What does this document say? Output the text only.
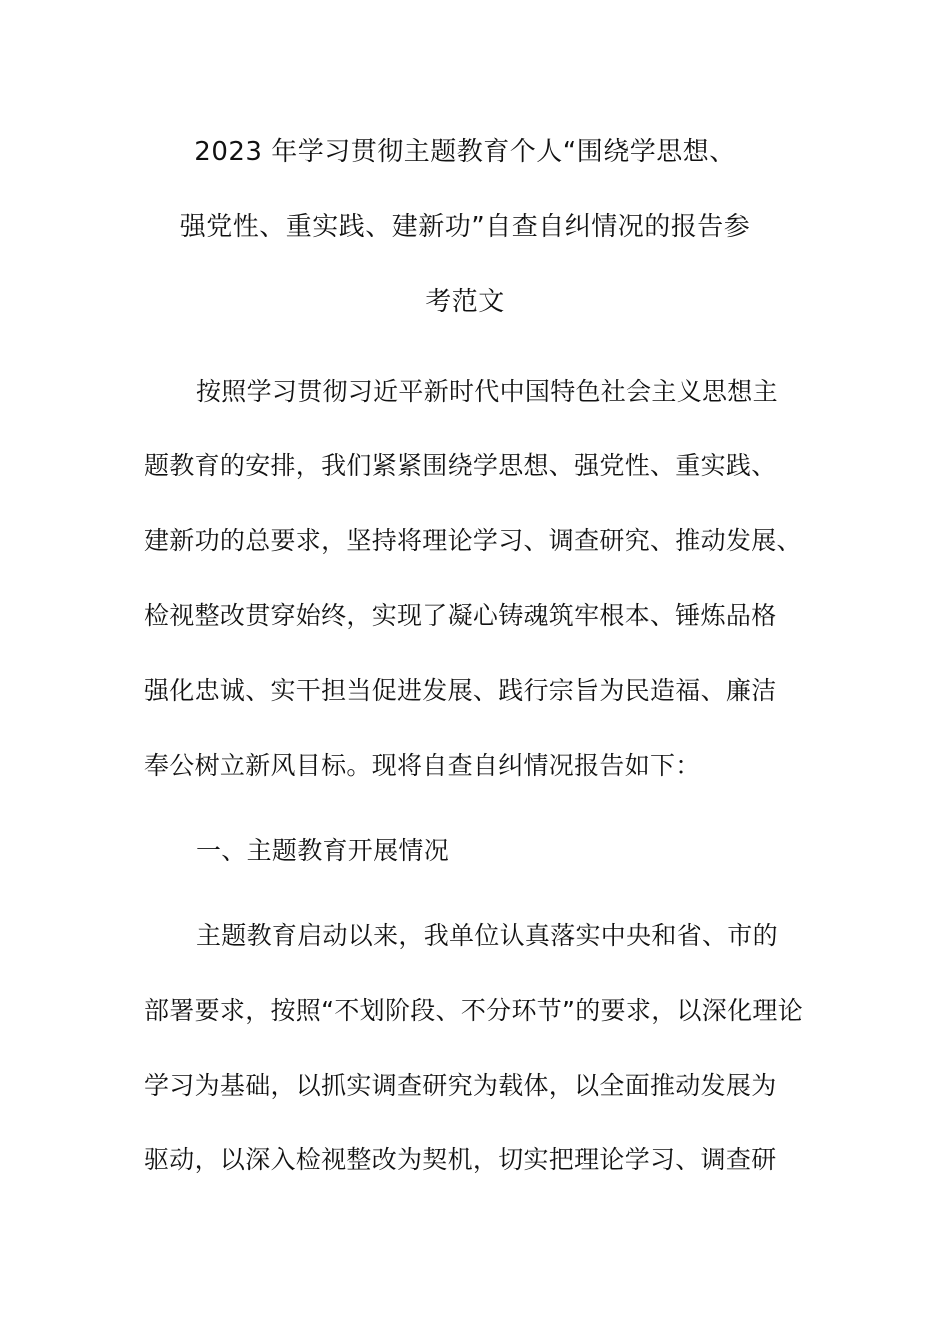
2023 年学习贯彻主题教育个人“围绕学思想、
强党性、重实践、建新功”自查自纠情况的报告参
考范文
按照学习贯彻习近平新时代中国特色社会主义思想主
题教育的安排，我们紧紧围绕学思想、强党性、重实践、
建新功的总要求，坚持将理论学习、调查研究、推动发展、
检视整改贯穿始终，实现了凝心铸魂筑牢根本、锤炼品格
强化忠诚、实干担当促进发展、践行宗旨为民造福、廉洁
奉公树立新风目标。现将自查自纠情况报告如下：
一、主题教育开展情况
主题教育启动以来，我单位认真落实中央和省、市的
部署要求，按照“不划阶段、不分环节”的要求，以深化理论
学习为基础，以抓实调查研究为载体，以全面推动发展为
驱动，以深入检视整改为契机，切实把理论学习、调查研
